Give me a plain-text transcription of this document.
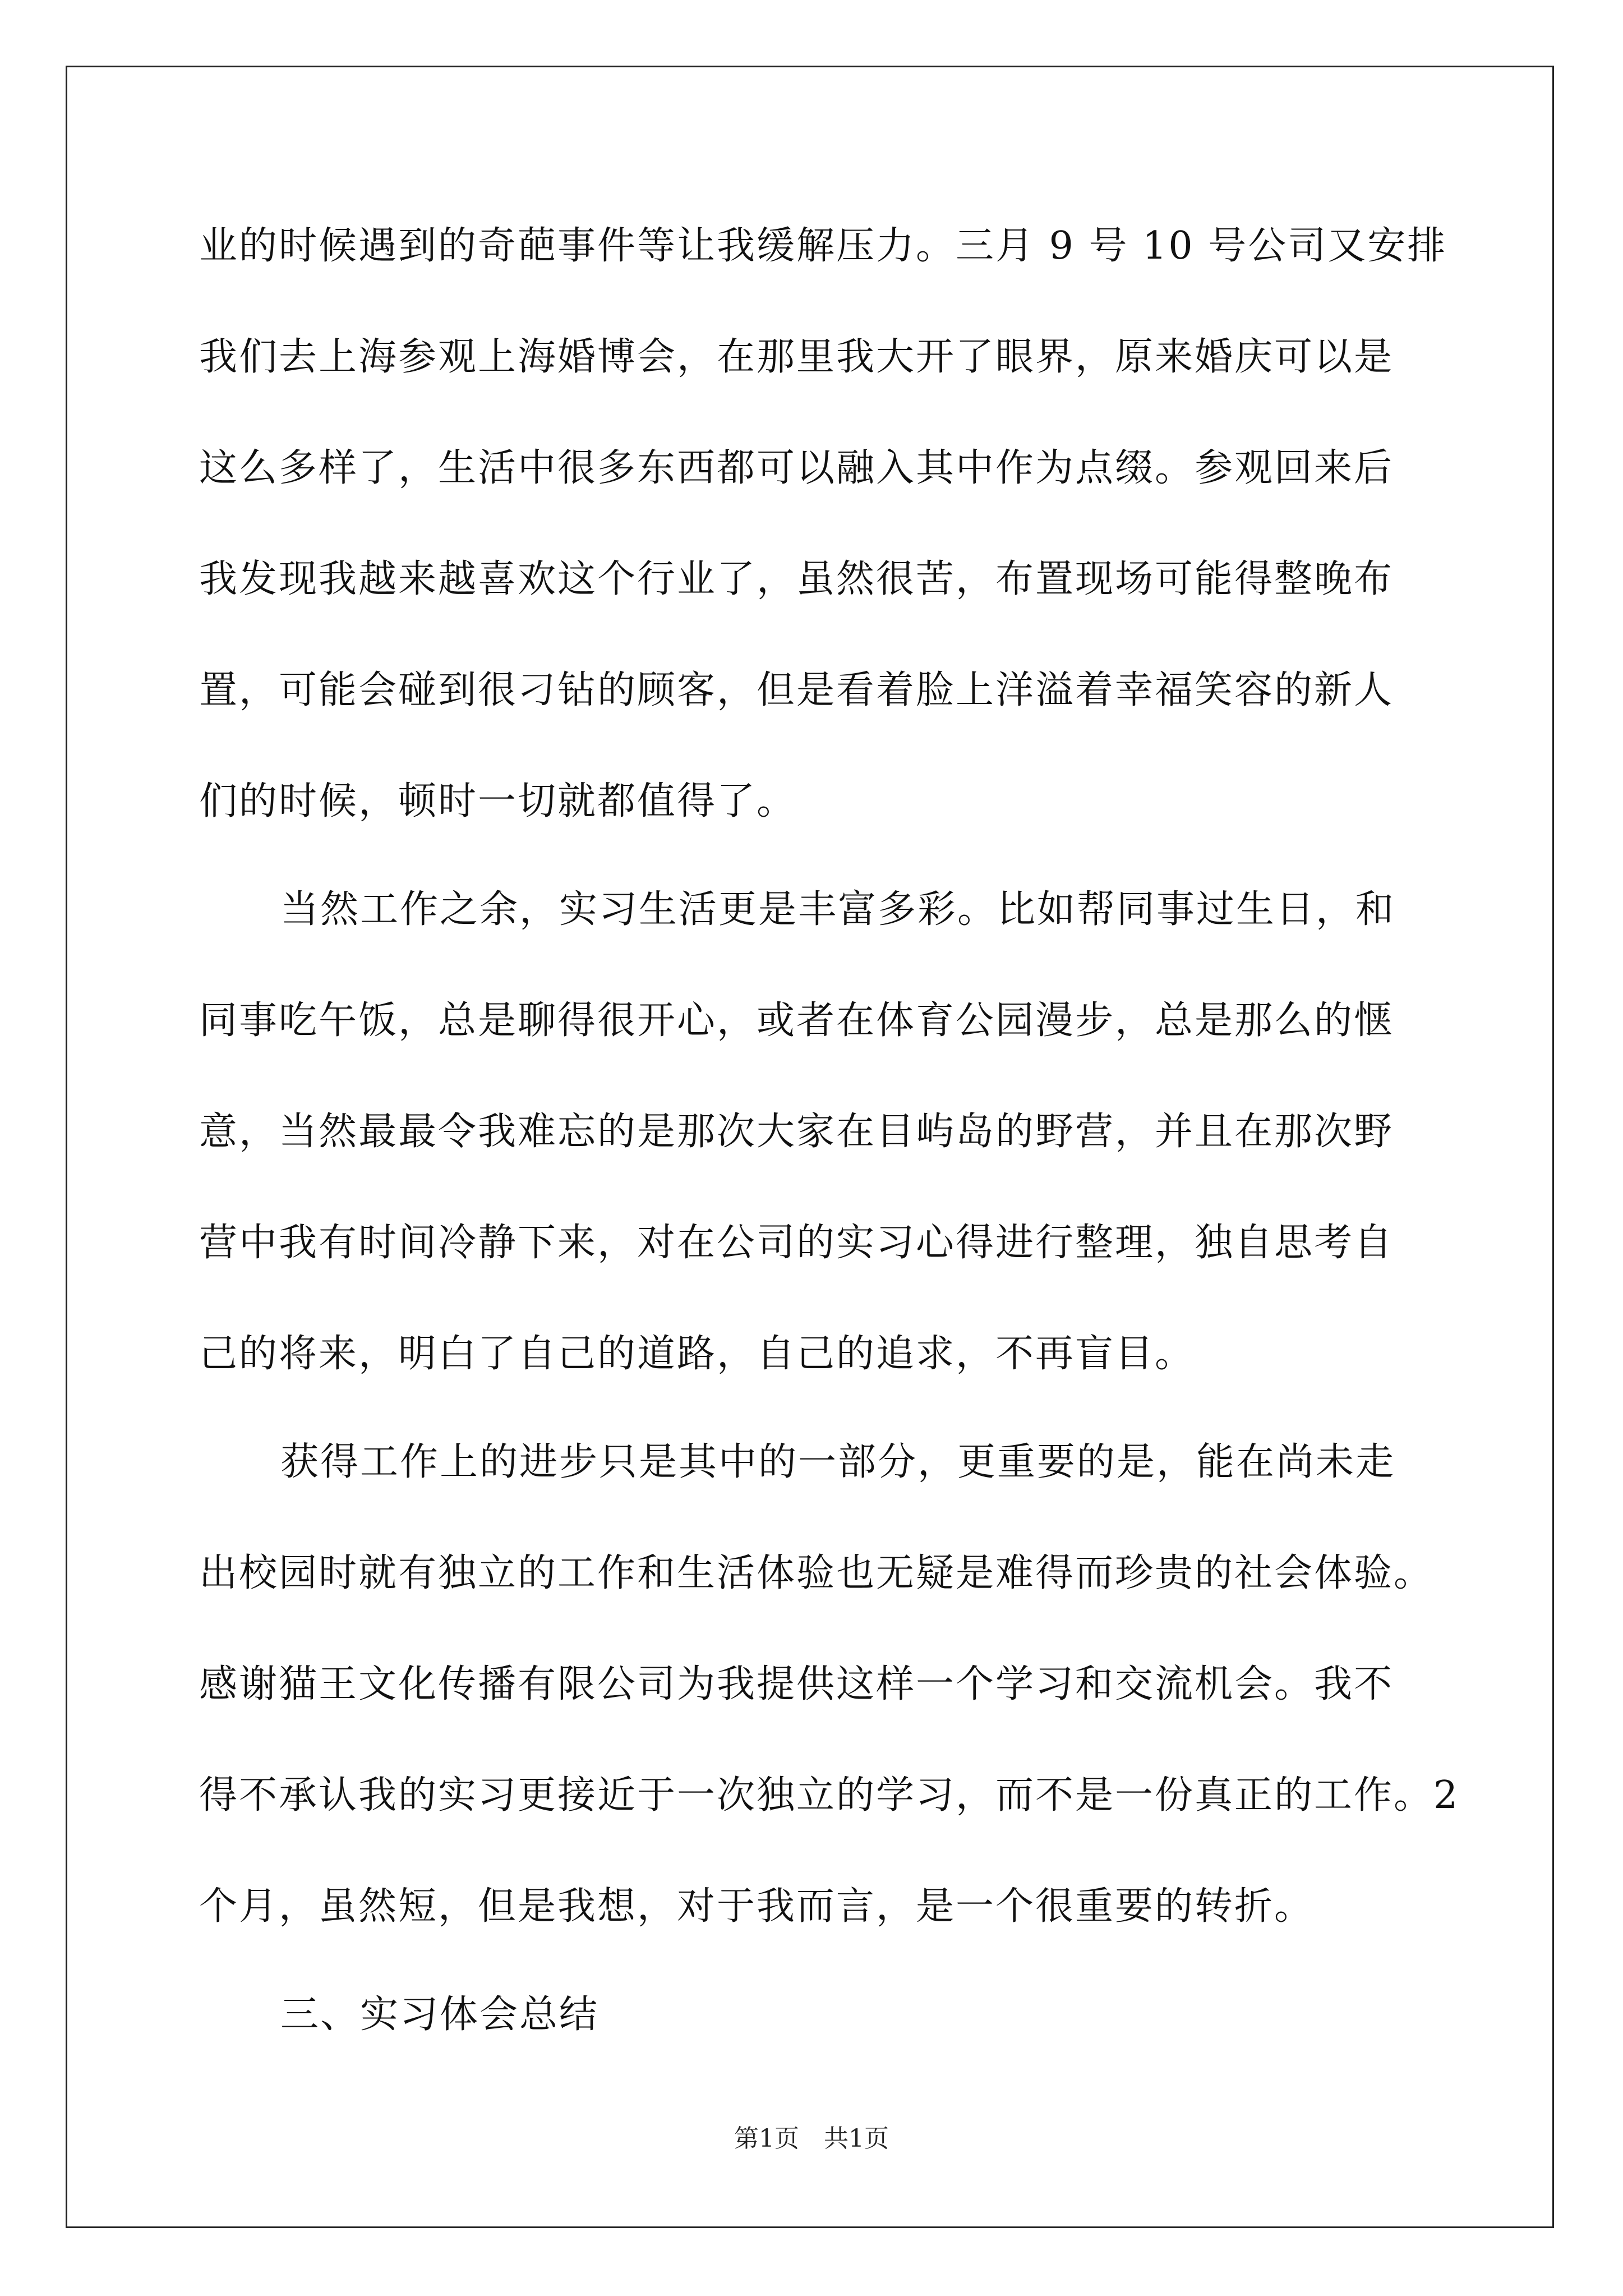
业的时候遇到的奇葩事件等让我缓解压力。三月 9 号 10 号公司又安排
我们去上海参观上海婚博会，在那里我大开了眼界，原来婚庆可以是
这么多样了，生活中很多东西都可以融入其中作为点缀。参观回来后
我发现我越来越喜欢这个行业了，虽然很苦，布置现场可能得整晚布
置，可能会碰到很刁钻的顾客，但是看着脸上洋溢着幸福笑容的新人
们的时候，顿时一切就都值得了。
当然工作之余，实习生活更是丰富多彩。比如帮同事过生日，和
同事吃午饭，总是聊得很开心，或者在体育公园漫步，总是那么的惬
意，当然最最令我难忘的是那次大家在目屿岛的野营，并且在那次野
营中我有时间冷静下来，对在公司的实习心得进行整理，独自思考自
己的将来，明白了自己的道路，自己的追求，不再盲目。
获得工作上的进步只是其中的一部分，更重要的是，能在尚未走
出校园时就有独立的工作和生活体验也无疑是难得而珍贵的社会体验。
感谢猫王文化传播有限公司为我提供这样一个学习和交流机会。我不
得不承认我的实习更接近于一次独立的学习，而不是一份真正的工作。2
个月，虽然短，但是我想，对于我而言，是一个很重要的转折。
三、实习体会总结
第1页　共1页
